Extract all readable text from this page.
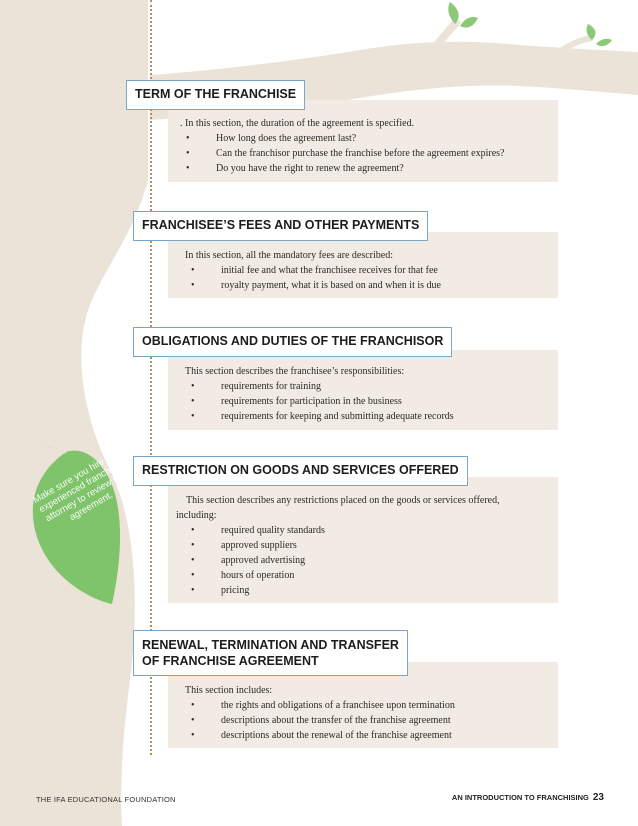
Make sure you hire an experienced franchise attorney to review the agreement.
TERM OF THE FRANCHISE

. In this section, the duration of the agreement is specified.

• How long does the agreement last?
• Can the franchisor purchase the franchise before the agreement expires?
• Do you have the right to renew the agreement?
FRANCHISEE’S FEES AND OTHER PAYMENTS

In this section, all the mandatory fees are described:

• initial fee and what the franchisee receives for that fee
• royalty payment, what it is based on and when it is due
OBLIGATIONS AND DUTIES OF THE FRANCHISOR

This section describes the franchisee’s responsibilities:

• requirements for training
• requirements for participation in the business
• requirements for keeping and submitting adequate records
RESTRICTION ON GOODS AND SERVICES OFFERED

This section describes any restrictions placed on the goods or services offered,

including:

• required quality standards
• approved suppliers
• approved advertising
• hours of operation
• pricing
RENEWAL, TERMINATION AND TRANSFER
OF FRANCHISE AGREEMENT

This section includes:

• the rights and obligations of a franchisee upon termination
• descriptions about the transfer of the franchise agreement
• descriptions about the renewal of the franchise agreement
THE IFA EDUCATIONAL FOUNDATION	AN INTRODUCTION TO FRANCHISING 23
